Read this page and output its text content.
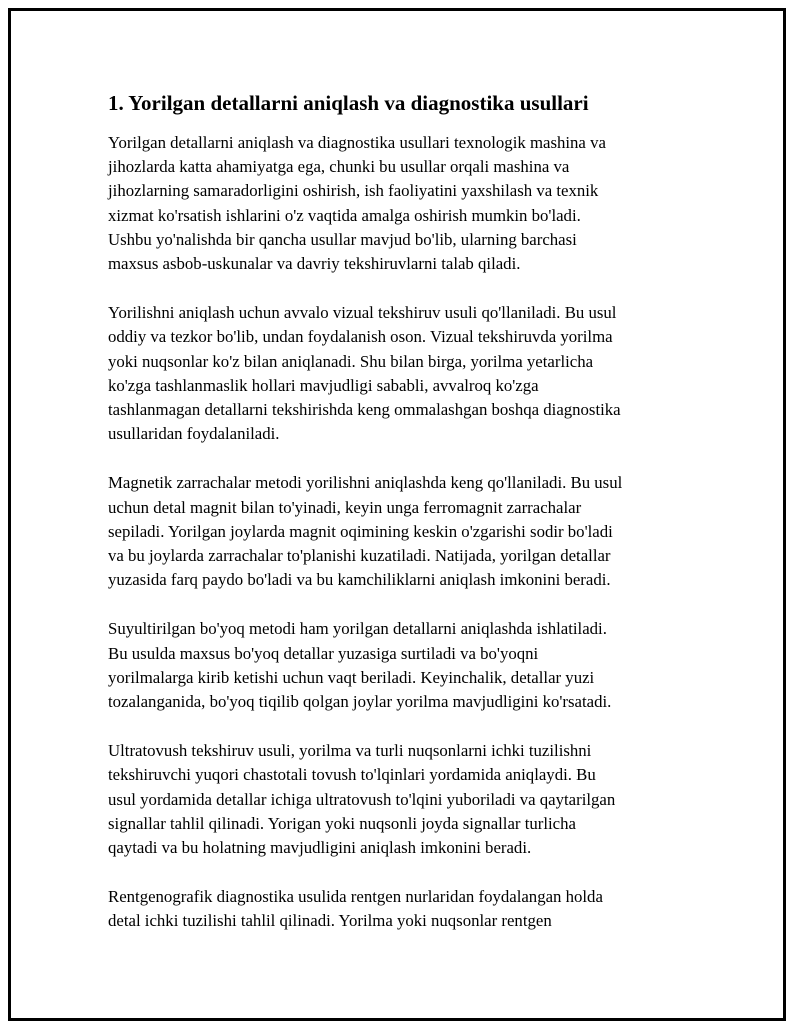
1. Yorilgan detallarni aniqlash va diagnostika usullari

Yorilgan detallarni aniqlash va diagnostika usullari texnologik mashina va
jihozlarda katta ahamiyatga ega, chunki bu usullar orqali mashina va
jihozlarning samaradorligini oshirish, ish faoliyatini yaxshilash va texnik
xizmat ko'rsatish ishlarini o'z vaqtida amalga oshirish mumkin bo'ladi.
Ushbu yo'nalishda bir qancha usullar mavjud bo'lib, ularning barchasi
maxsus asbob-uskunalar va davriy tekshiruvlarni talab qiladi.

Yorilishni aniqlash uchun avvalo vizual tekshiruv usuli qo'llaniladi. Bu usul
oddiy va tezkor bo'lib, undan foydalanish oson. Vizual tekshiruvda yorilma
yoki nuqsonlar ko'z bilan aniqlanadi. Shu bilan birga, yorilma yetarlicha
ko'zga tashlanmaslik hollari mavjudligi sababli, avvalroq ko'zga
tashlanmagan detallarni tekshirishda keng ommalashgan boshqa diagnostika
usullaridan foydalaniladi.

Magnetik zarrachalar metodi yorilishni aniqlashda keng qo'llaniladi. Bu usul
uchun detal magnit bilan to'yinadi, keyin unga ferromagnit zarrachalar
sepiladi. Yorilgan joylarda magnit oqimining keskin o'zgarishi sodir bo'ladi
va bu joylarda zarrachalar to'planishi kuzatiladi. Natijada, yorilgan detallar
yuzasida farq paydo bo'ladi va bu kamchiliklarni aniqlash imkonini beradi.

Suyultirilgan bo'yoq metodi ham yorilgan detallarni aniqlashda ishlatiladi.
Bu usulda maxsus bo'yoq detallar yuzasiga surtiladi va bo'yoqni
yorilmalarga kirib ketishi uchun vaqt beriladi. Keyinchalik, detallar yuzi
tozalanganida, bo'yoq tiqilib qolgan joylar yorilma mavjudligini ko'rsatadi.

Ultratovush tekshiruv usuli, yorilma va turli nuqsonlarni ichki tuzilishni
tekshiruvchi yuqori chastotali tovush to'lqinlari yordamida aniqlaydi. Bu
usul yordamida detallar ichiga ultratovush to'lqini yuboriladi va qaytarilgan
signallar tahlil qilinadi. Yorigan yoki nuqsonli joyda signallar turlicha
qaytadi va bu holatning mavjudligini aniqlash imkonini beradi.

Rentgenografik diagnostika usulida rentgen nurlaridan foydalangan holda
detal ichki tuzilishi tahlil qilinadi. Yorilma yoki nuqsonlar rentgen
